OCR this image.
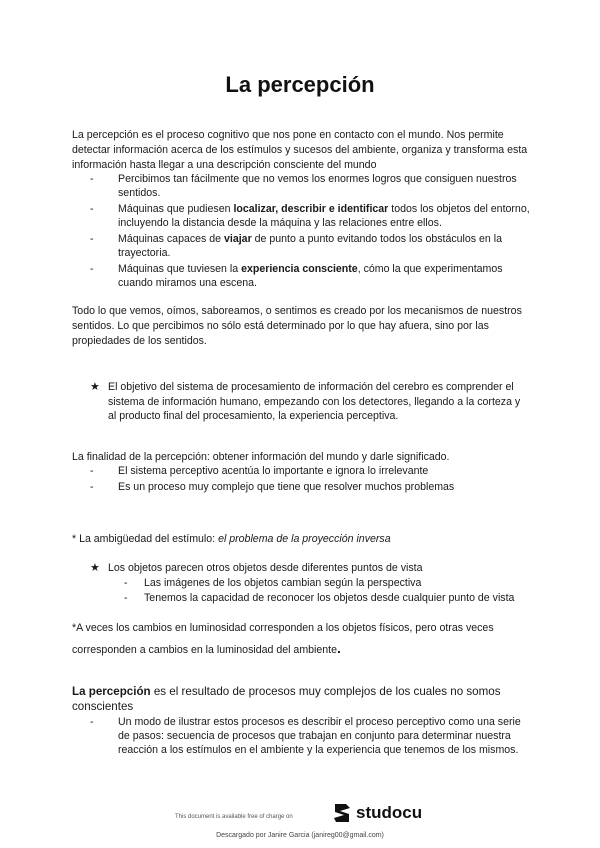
La percepción
La percepción es el proceso cognitivo que nos pone en contacto con el mundo. Nos permite detectar información acerca de los estímulos y sucesos del ambiente, organiza y transforma esta información hasta llegar a una descripción consciente del mundo
-	Percibimos tan fácilmente que no vemos los enormes logros que consiguen nuestros sentidos.
-	Máquinas que pudiesen localizar, describir e identificar todos los objetos del entorno, incluyendo la distancia desde la máquina y las relaciones entre ellos.
-	Máquinas capaces de viajar de punto a punto evitando todos los obstáculos en la trayectoria.
-	Máquinas que tuviesen la experiencia consciente, cómo la que experimentamos cuando miramos una escena.
Todo lo que vemos, oímos, saboreamos, o sentimos es creado por los mecanismos de nuestros sentidos. Lo que percibimos no sólo está determinado por lo que hay afuera, sino por las propiedades de los sentidos.
★ El objetivo del sistema de procesamiento de información del cerebro es comprender el sistema de información humano, empezando con los detectores, llegando a la corteza y al producto final del procesamiento, la experiencia perceptiva.
La finalidad de la percepción: obtener información del mundo y darle significado.
-	El sistema perceptivo acentúa lo importante e ignora lo irrelevante
-	Es un proceso muy complejo que tiene que resolver muchos problemas
* La ambigüedad del estímulo: el problema de la proyección inversa
★ Los objetos parecen otros objetos desde diferentes puntos de vista
-	Las imágenes de los objetos cambian según la perspectiva
-	Tenemos la capacidad de reconocer los objetos desde cualquier punto de vista
*A veces los cambios en luminosidad corresponden a los objetos físicos, pero otras veces
corresponden a cambios en la luminosidad del ambiente.
La percepción es el resultado de procesos muy complejos de los cuales no somos conscientes
-	Un modo de ilustrar estos procesos es describir el proceso perceptivo como una serie de pasos: secuencia de procesos que trabajan en conjunto para determinar nuestra reacción a los estímulos en el ambiente y la experiencia que tenemos de los mismos.
This document is available free of charge on	studocu
Descargado por Janire Garcia (janireg00@gmail.com)
